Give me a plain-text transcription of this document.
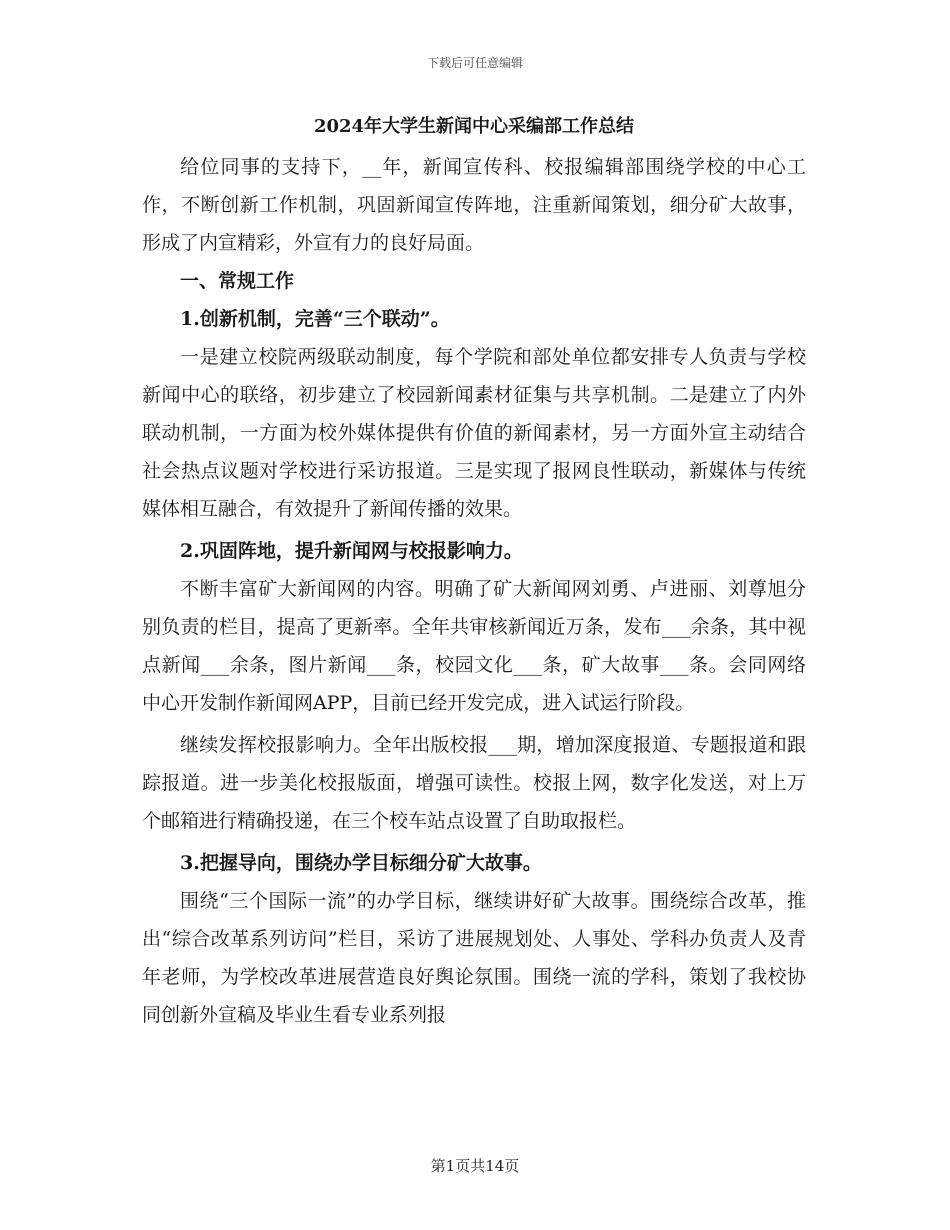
下载后可任意编辑
2024年大学生新闻中心采编部工作总结

给位同事的支持下，__年，新闻宣传科、校报编辑部围绕学校的中心工作，不断创新工作机制，巩固新闻宣传阵地，注重新闻策划，细分矿大故事，形成了内宣精彩，外宣有力的良好局面。

一、常规工作

1.创新机制，完善“三个联动”。

一是建立校院两级联动制度，每个学院和部处单位都安排专人负责与学校新闻中心的联络，初步建立了校园新闻素材征集与共享机制。二是建立了内外联动机制，一方面为校外媒体提供有价值的新闻素材，另一方面外宣主动结合社会热点议题对学校进行采访报道。三是实现了报网良性联动，新媒体与传统媒体相互融合，有效提升了新闻传播的效果。

2.巩固阵地，提升新闻网与校报影响力。

不断丰富矿大新闻网的内容。明确了矿大新闻网刘勇、卢进丽、刘尊旭分别负责的栏目，提高了更新率。全年共审核新闻近万条，发布___余条，其中视点新闻___余条，图片新闻___条，校园文化___条，矿大故事___条。会同网络中心开发制作新闻网APP，目前已经开发完成，进入试运行阶段。

继续发挥校报影响力。全年出版校报___期，增加深度报道、专题报道和跟踪报道。进一步美化校报版面，增强可读性。校报上网，数字化发送，对上万个邮箱进行精确投递，在三个校车站点设置了自助取报栏。

3.把握导向，围绕办学目标细分矿大故事。

围绕“三个国际一流”的办学目标，继续讲好矿大故事。围绕综合改革，推出“综合改革系列访问”栏目，采访了进展规划处、人事处、学科办负责人及青年老师，为学校改革进展营造良好舆论氛围。围绕一流的学科，策划了我校协同创新外宣稿及毕业生看专业系列报

第1页共14页
